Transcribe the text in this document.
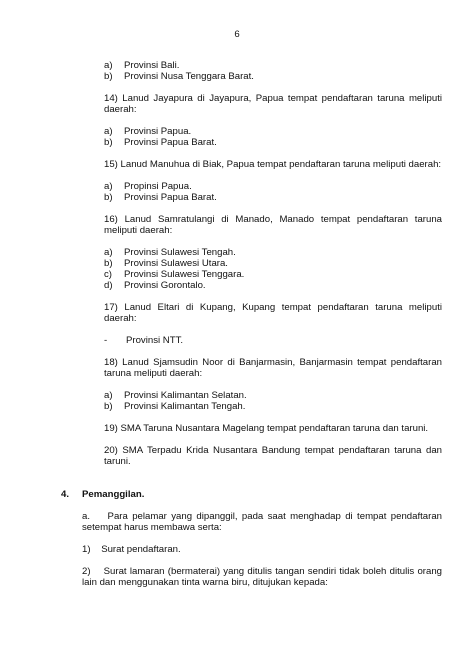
6
a)	Provinsi Bali.
b)	Provinsi Nusa Tenggara Barat.

14) Lanud Jayapura di Jayapura, Papua tempat pendaftaran taruna meliputi daerah:

a)	Provinsi Papua.
b)	Provinsi Papua Barat.

15) Lanud Manuhua di Biak, Papua tempat pendaftaran taruna meliputi daerah:

a)	Propinsi Papua.
b)	Provinsi Papua Barat.

16) Lanud Samratulangi di Manado, Manado tempat pendaftaran taruna meliputi daerah:

a)	Provinsi Sulawesi Tengah.
b)	Provinsi Sulawesi Utara.
c)	Provinsi Sulawesi Tenggara.
d)	Provinsi Gorontalo.

17) Lanud Eltari di Kupang, Kupang tempat pendaftaran taruna meliputi daerah:

-	Provinsi NTT.

18) Lanud Sjamsudin Noor di Banjarmasin, Banjarmasin tempat pendaftaran taruna meliputi daerah:

a)	Provinsi Kalimantan Selatan.
b)	Provinsi Kalimantan Tengah.

19) SMA Taruna Nusantara Magelang tempat pendaftaran taruna dan taruni.

20) SMA Terpadu Krida Nusantara Bandung tempat pendaftaran taruna dan taruni.

4.	Pemanggilan.

a.    Para pelamar yang dipanggil, pada saat menghadap di tempat pendaftaran setempat harus membawa serta:

1)    Surat pendaftaran.

2)    Surat lamaran (bermaterai) yang ditulis tangan sendiri tidak boleh ditulis orang lain dan menggunakan tinta warna biru, ditujukan kepada:
